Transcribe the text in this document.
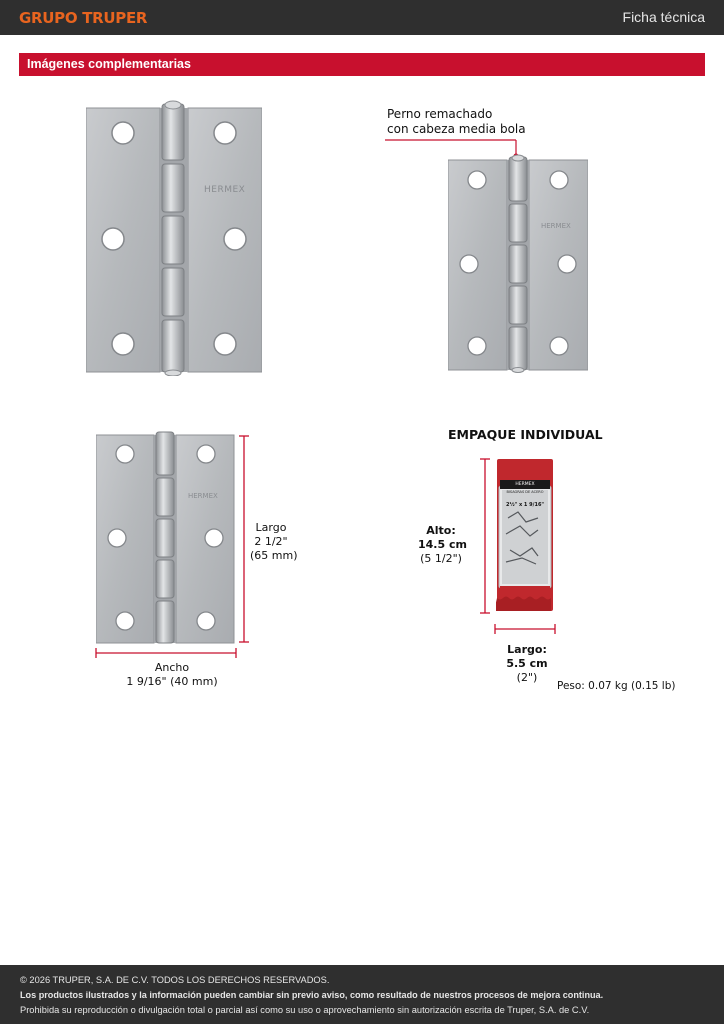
GRUPO TRUPER	Ficha técnica
Imágenes complementarias
HERMEX
Perno remachado
con cabeza media bola
HERMEX
HERMEX
Largo
2 1/2"
(65 mm)
Ancho
1 9/16" (40 mm)
EMPAQUE INDIVIDUAL
Alto:
14.5 cm
(5 1/2")
HERMEX
BISAGRAS DE ACERO
2½" x 1 9/16"
Largo:
5.5 cm
(2")
Peso: 0.07 kg (0.15 lb)
© 2026 TRUPER, S.A. DE C.V. TODOS LOS DERECHOS RESERVADOS.
Los productos ilustrados y la información pueden cambiar sin previo aviso, como resultado de nuestros procesos de mejora continua.
Prohibida su reproducción o divulgación total o parcial así como su uso o aprovechamiento sin autorización escrita de Truper, S.A. de C.V.
